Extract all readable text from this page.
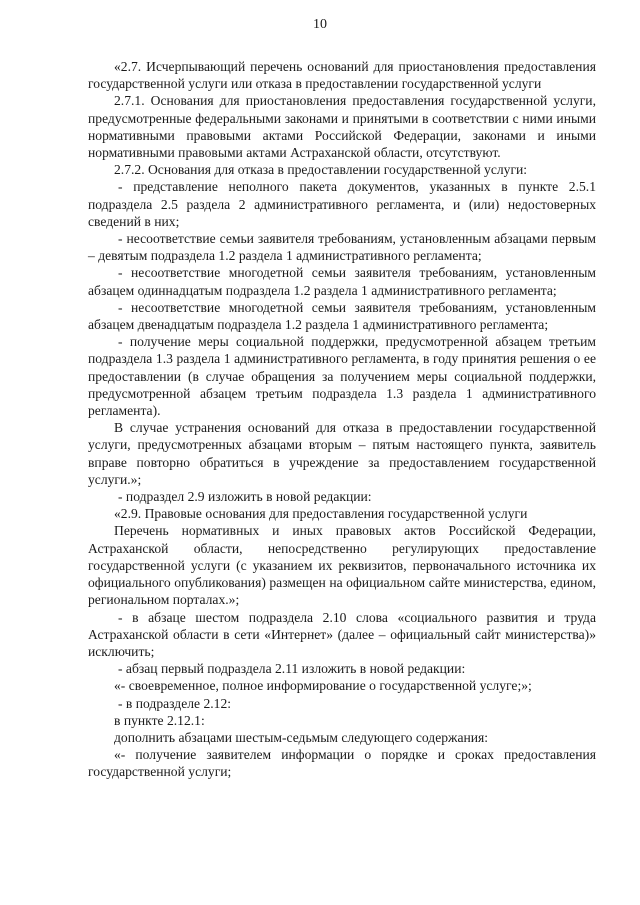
10

«2.7. Исчерпывающий перечень оснований для приостановления предоставления государственной услуги или отказа в предоставлении государственной услуги

2.7.1. Основания для приостановления предоставления государственной услуги, предусмотренные федеральными законами и принятыми в соответствии с ними иными нормативными правовыми актами Российской Федерации, законами и иными нормативными правовыми актами Астраханской области, отсутствуют.

2.7.2. Основания для отказа в предоставлении государственной услуги:

- представление неполного пакета документов, указанных в пункте 2.5.1 подраздела 2.5 раздела 2 административного регламента, и (или) недостоверных сведений в них;

- несоответствие семьи заявителя требованиям, установленным абзацами первым – девятым подраздела 1.2 раздела 1 административного регламента;

- несоответствие многодетной семьи заявителя требованиям, установленным абзацем одиннадцатым подраздела 1.2 раздела 1 административного регламента;

- несоответствие многодетной семьи заявителя требованиям, установленным абзацем двенадцатым подраздела 1.2 раздела 1 административного регламента;

- получение меры социальной поддержки, предусмотренной абзацем третьим подраздела 1.3 раздела 1 административного регламента, в году принятия решения о ее предоставлении (в случае обращения за получением меры социальной поддержки, предусмотренной абзацем третьим подраздела 1.3 раздела 1 административного регламента).

В случае устранения оснований для отказа в предоставлении государственной услуги, предусмотренных абзацами вторым – пятым настоящего пункта, заявитель вправе повторно обратиться в учреждение за предоставлением государственной услуги.»;

- подраздел 2.9 изложить в новой редакции:

«2.9. Правовые основания для предоставления государственной услуги

Перечень нормативных и иных правовых актов Российской Федерации, Астраханской области, непосредственно регулирующих предоставление государственной услуги (с указанием их реквизитов, первоначального источника их официального опубликования) размещен на официальном сайте министерства, едином, региональном порталах.»;

- в абзаце шестом подраздела 2.10 слова «социального развития и труда Астраханской области в сети «Интернет» (далее – официальный сайт министерства)» исключить;

- абзац первый подраздела 2.11 изложить в новой редакции:

«- своевременное, полное информирование о государственной услуге;»;

- в подразделе 2.12:

в пункте 2.12.1:

дополнить абзацами шестым-седьмым следующего содержания:

«- получение заявителем информации о порядке и сроках предоставления государственной услуги;
